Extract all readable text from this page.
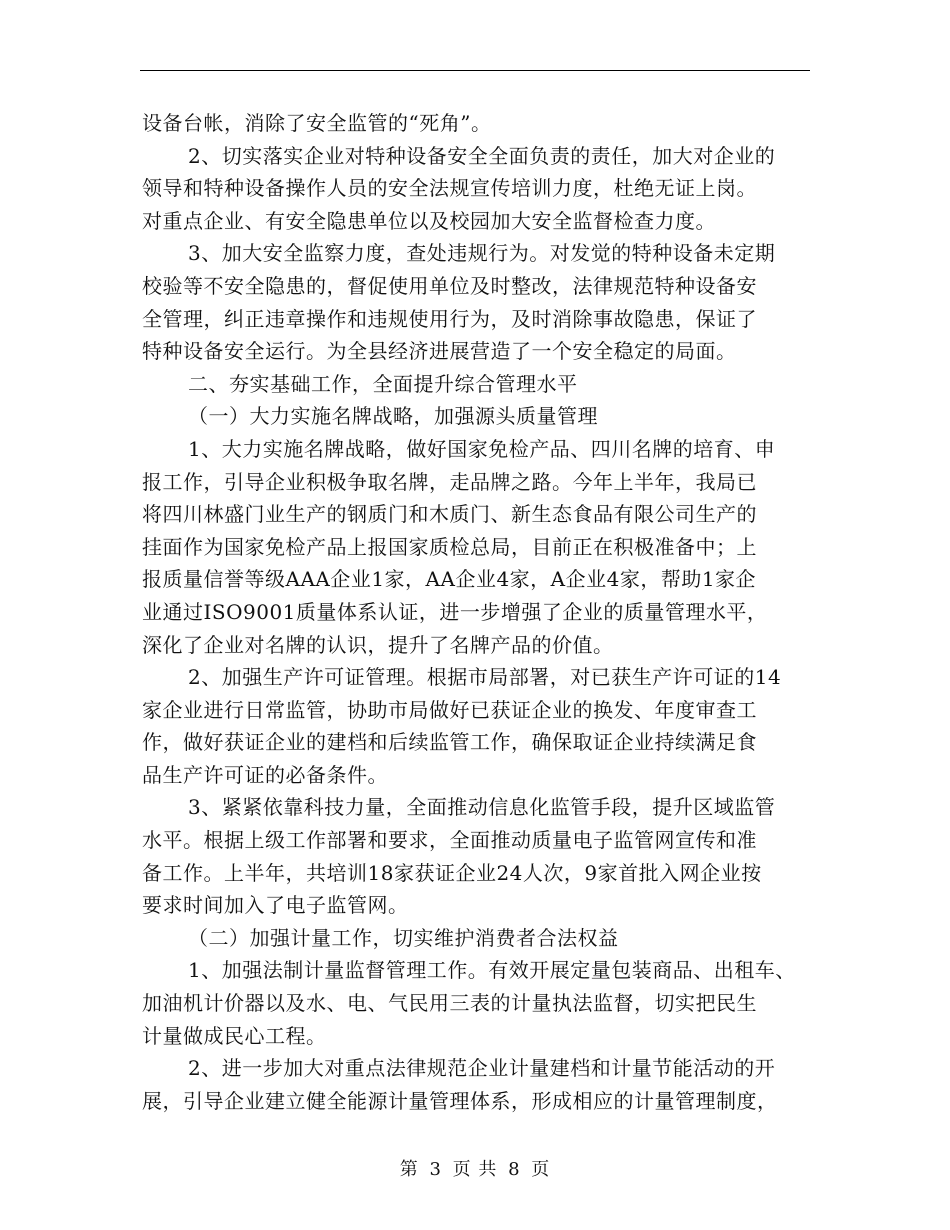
设备台帐，消除了安全监管的“死角”。
2、切实落实企业对特种设备安全全面负责的责任，加大对企业的
领导和特种设备操作人员的安全法规宣传培训力度，杜绝无证上岗。
对重点企业、有安全隐患单位以及校园加大安全监督检查力度。
3、加大安全监察力度，查处违规行为。对发觉的特种设备未定期
校验等不安全隐患的，督促使用单位及时整改，法律规范特种设备安
全管理，纠正违章操作和违规使用行为，及时消除事故隐患，保证了
特种设备安全运行。为全县经济进展营造了一个安全稳定的局面。
二、夯实基础工作，全面提升综合管理水平
（一）大力实施名牌战略，加强源头质量管理
1、大力实施名牌战略，做好国家免检产品、四川名牌的培育、申
报工作，引导企业积极争取名牌，走品牌之路。今年上半年，我局已
将四川林盛门业生产的钢质门和木质门、新生态食品有限公司生产的
挂面作为国家免检产品上报国家质检总局，目前正在积极准备中；上
报质量信誉等级AAA企业1家，AA企业4家，A企业4家，帮助1家企
业通过ISO9001质量体系认证，进一步增强了企业的质量管理水平，
深化了企业对名牌的认识，提升了名牌产品的价值。
2、加强生产许可证管理。根据市局部署，对已获生产许可证的14
家企业进行日常监管，协助市局做好已获证企业的换发、年度审查工
作，做好获证企业的建档和后续监管工作，确保取证企业持续满足食
品生产许可证的必备条件。
3、紧紧依靠科技力量，全面推动信息化监管手段，提升区域监管
水平。根据上级工作部署和要求，全面推动质量电子监管网宣传和准
备工作。上半年，共培训18家获证企业24人次，9家首批入网企业按
要求时间加入了电子监管网。
（二）加强计量工作，切实维护消费者合法权益
1、加强法制计量监督管理工作。有效开展定量包装商品、出租车、
加油机计价器以及水、电、气民用三表的计量执法监督，切实把民生
计量做成民心工程。
2、进一步加大对重点法律规范企业计量建档和计量节能活动的开
展，引导企业建立健全能源计量管理体系，形成相应的计量管理制度，
第 3 页 共 8 页
